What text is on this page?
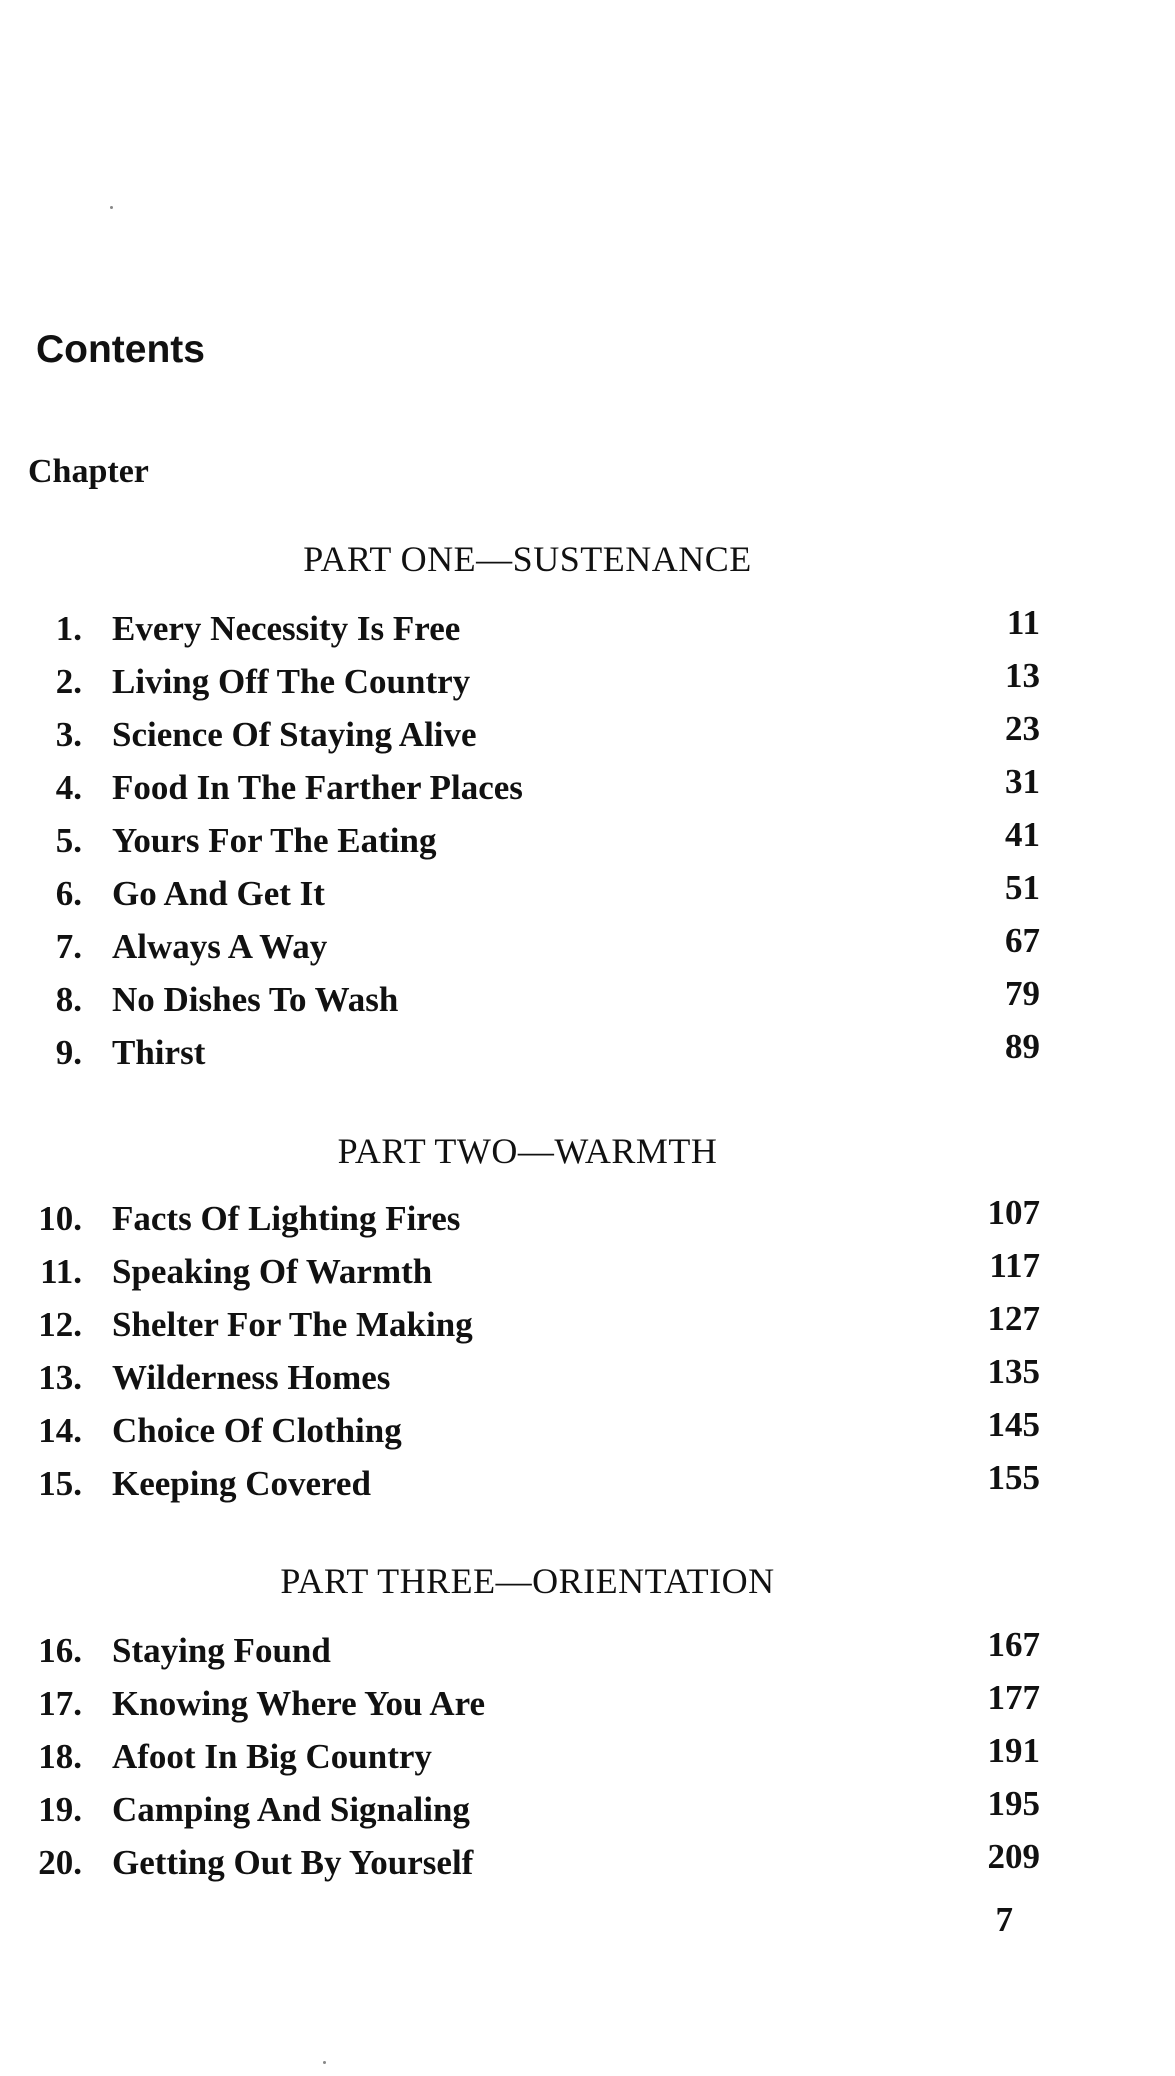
Contents
Chapter
PART ONE—SUSTENANCE
1. Every Necessity Is Free	11
2. Living Off The Country	13
3. Science Of Staying Alive	23
4. Food In The Farther Places	31
5. Yours For The Eating	41
6. Go And Get It	51
7. Always A Way	67
8. No Dishes To Wash	79
9. Thirst	89
PART TWO—WARMTH
10. Facts Of Lighting Fires	107
11. Speaking Of Warmth	117
12. Shelter For The Making	127
13. Wilderness Homes	135
14. Choice Of Clothing	145
15. Keeping Covered	155
PART THREE—ORIENTATION
16. Staying Found	167
17. Knowing Where You Are	177
18. Afoot In Big Country	191
19. Camping And Signaling	195
20. Getting Out By Yourself	209
7
